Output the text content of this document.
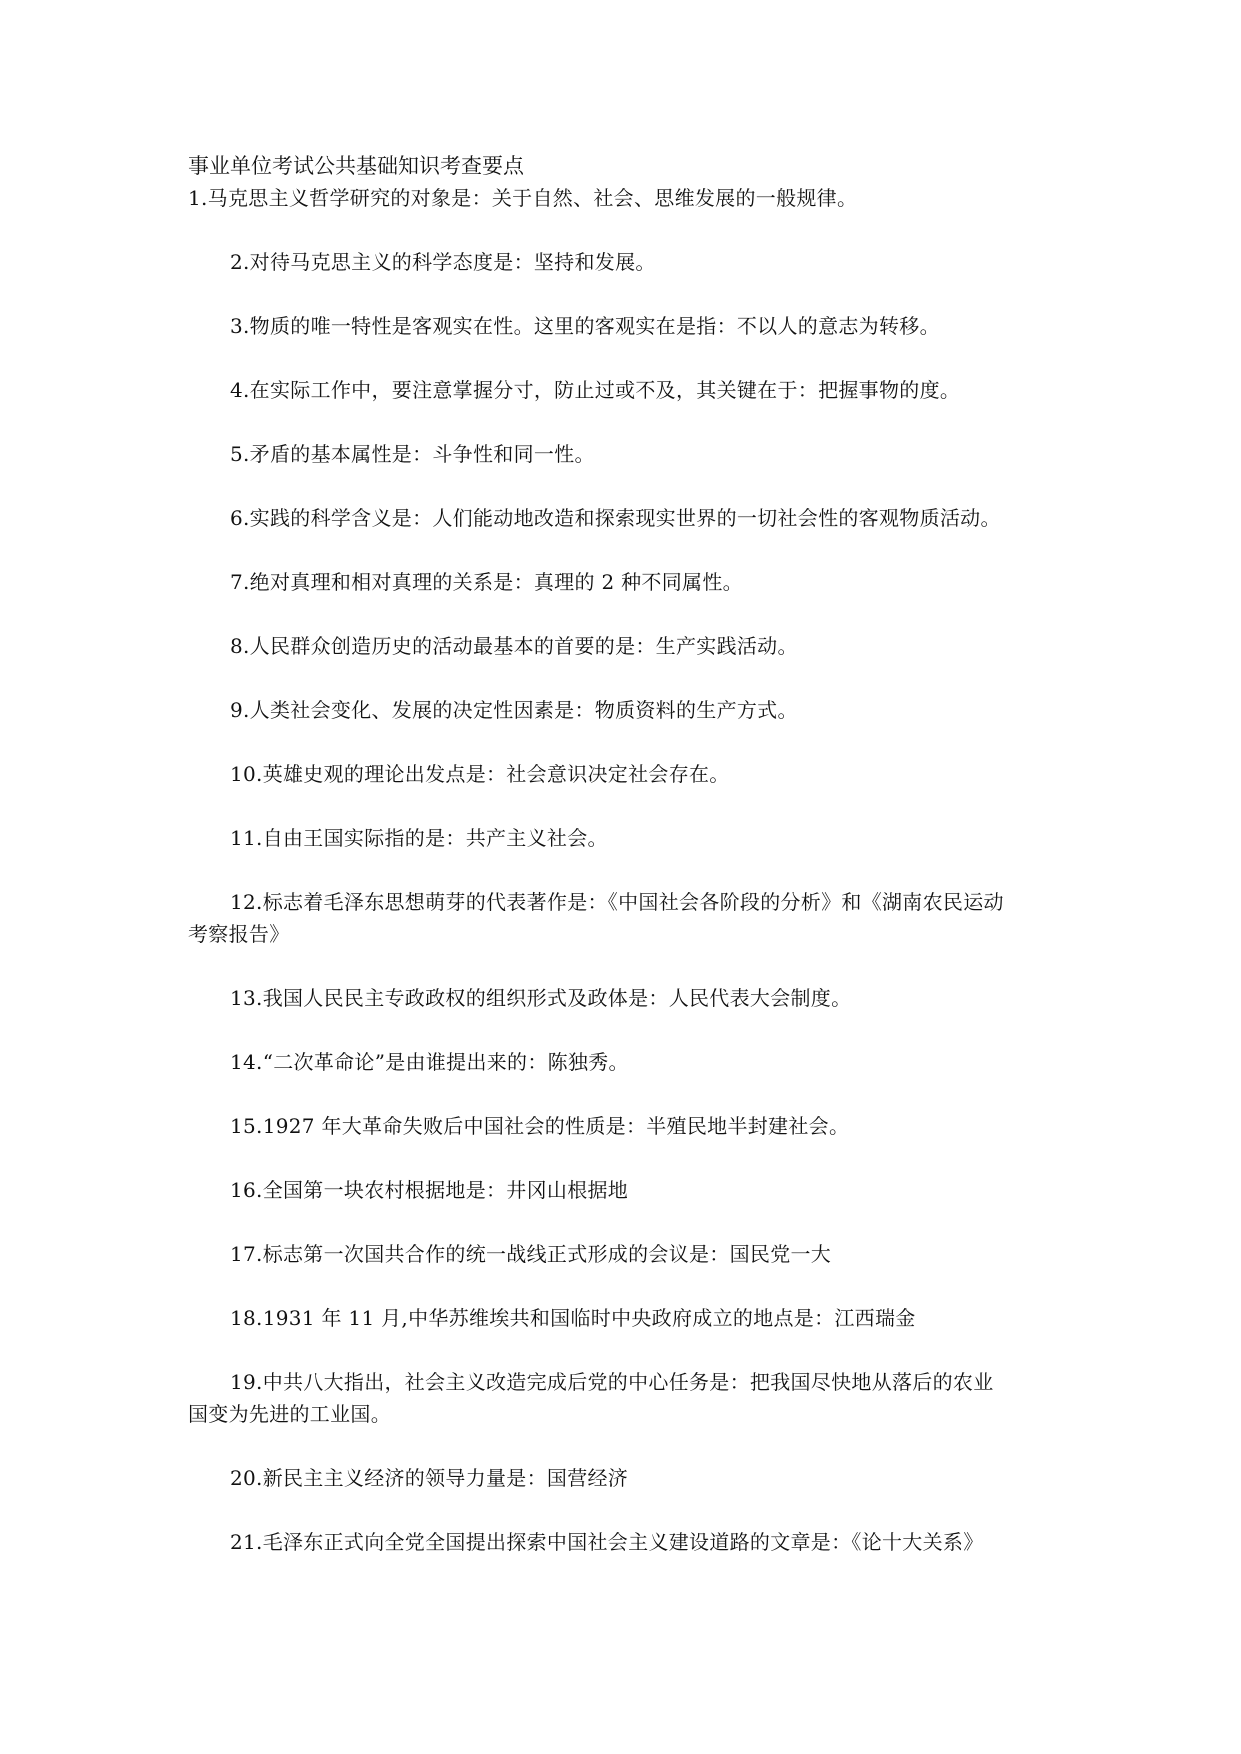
事业单位考试公共基础知识考查要点
1.马克思主义哲学研究的对象是：关于自然、社会、思维发展的一般规律。
2.对待马克思主义的科学态度是：坚持和发展。
3.物质的唯一特性是客观实在性。这里的客观实在是指：不以人的意志为转移。
4.在实际工作中，要注意掌握分寸，防止过或不及，其关键在于：把握事物的度。
5.矛盾的基本属性是：斗争性和同一性。
6.实践的科学含义是：人们能动地改造和探索现实世界的一切社会性的客观物质活动。
7.绝对真理和相对真理的关系是：真理的 2 种不同属性。
8.人民群众创造历史的活动最基本的首要的是：生产实践活动。
9.人类社会变化、发展的决定性因素是：物质资料的生产方式。
10.英雄史观的理论出发点是：社会意识决定社会存在。
11.自由王国实际指的是：共产主义社会。
12.标志着毛泽东思想萌芽的代表著作是：《中国社会各阶段的分析》和《湖南农民运动
考察报告》
13.我国人民民主专政政权的组织形式及政体是：人民代表大会制度。
14.“二次革命论”是由谁提出来的：陈独秀。
15.1927 年大革命失败后中国社会的性质是：半殖民地半封建社会。
16.全国第一块农村根据地是：井冈山根据地
17.标志第一次国共合作的统一战线正式形成的会议是：国民党一大
18.1931 年 11 月,中华苏维埃共和国临时中央政府成立的地点是：江西瑞金
19.中共八大指出，社会主义改造完成后党的中心任务是：把我国尽快地从落后的农业
国变为先进的工业国。
20.新民主主义经济的领导力量是：国营经济
21.毛泽东正式向全党全国提出探索中国社会主义建设道路的文章是：《论十大关系》
